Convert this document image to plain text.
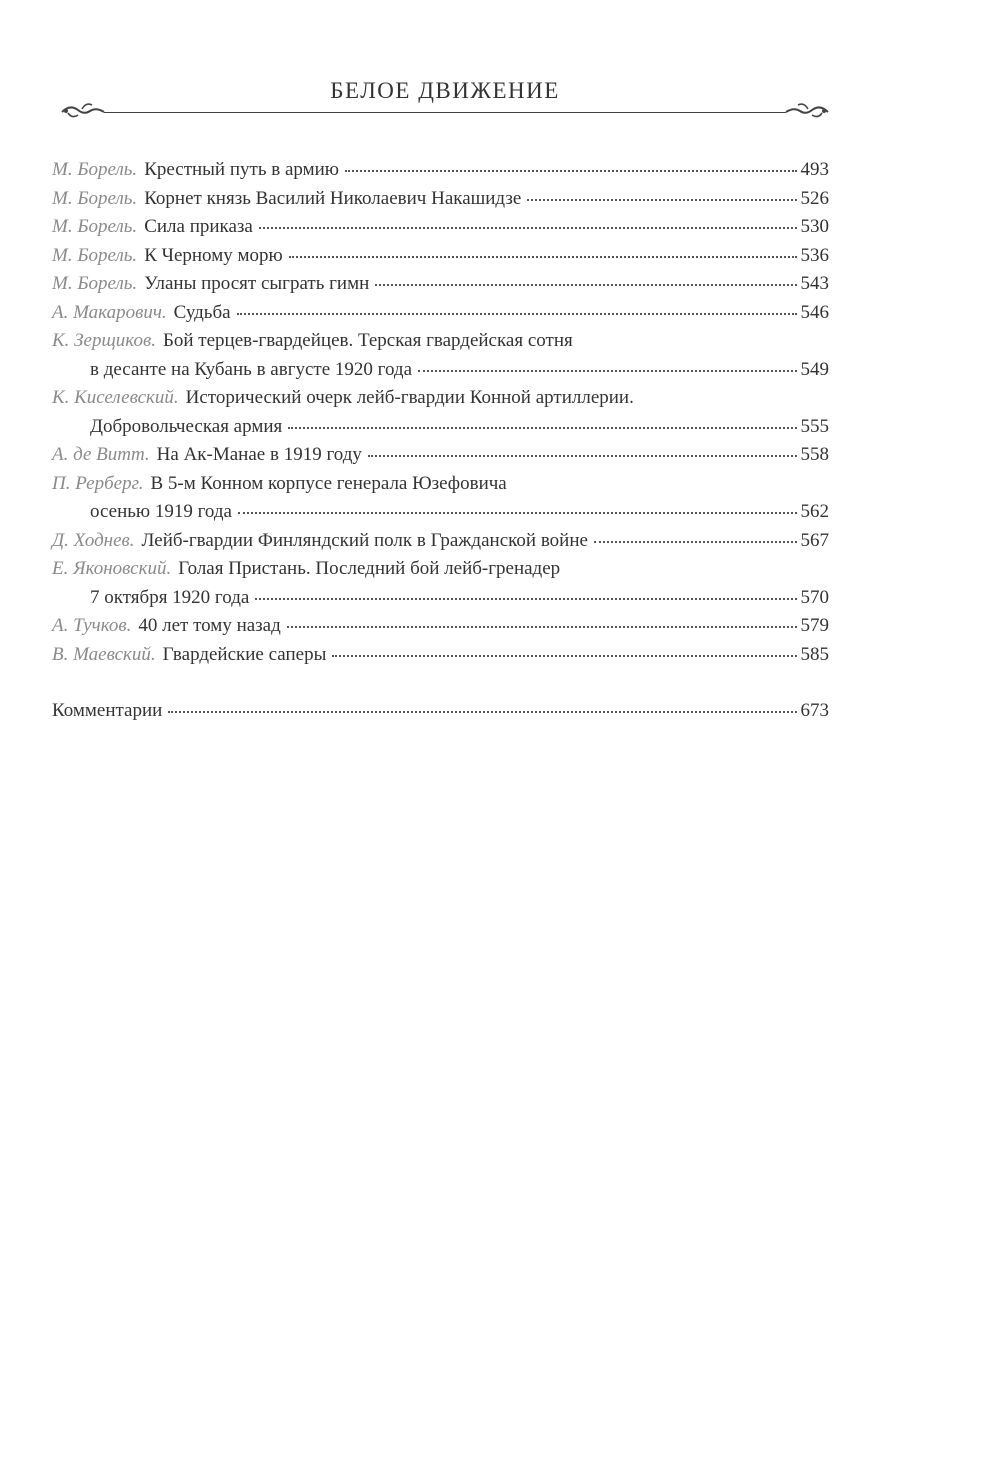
БЕЛОЕ ДВИЖЕНИЕ
М. Борель. Крестный путь в армию	493
М. Борель. Корнет князь Василий Николаевич Накашидзе	526
М. Борель. Сила приказа	530
М. Борель. К Черному морю	536
М. Борель. Уланы просят сыграть гимн	543
А. Макарович. Судьба	546
К. Зерщиков. Бой терцев-гвардейцев. Терская гвардейская сотня
в десанте на Кубань в августе 1920 года	549
К. Киселевский. Исторический очерк лейб-гвардии Конной артиллерии.
Добровольческая армия	555
А. де Витт. На Ак-Манае в 1919 году	558
П. Рерберг. В 5-м Конном корпусе генерала Юзефовича
осенью 1919 года	562
Д. Ходнев. Лейб-гвардии Финляндский полк в Гражданской войне	567
Е. Яконовский. Голая Пристань. Последний бой лейб-гренадер
7 октября 1920 года	570
А. Тучков. 40 лет тому назад	579
В. Маевский. Гвардейские саперы	585
Комментарии	673
